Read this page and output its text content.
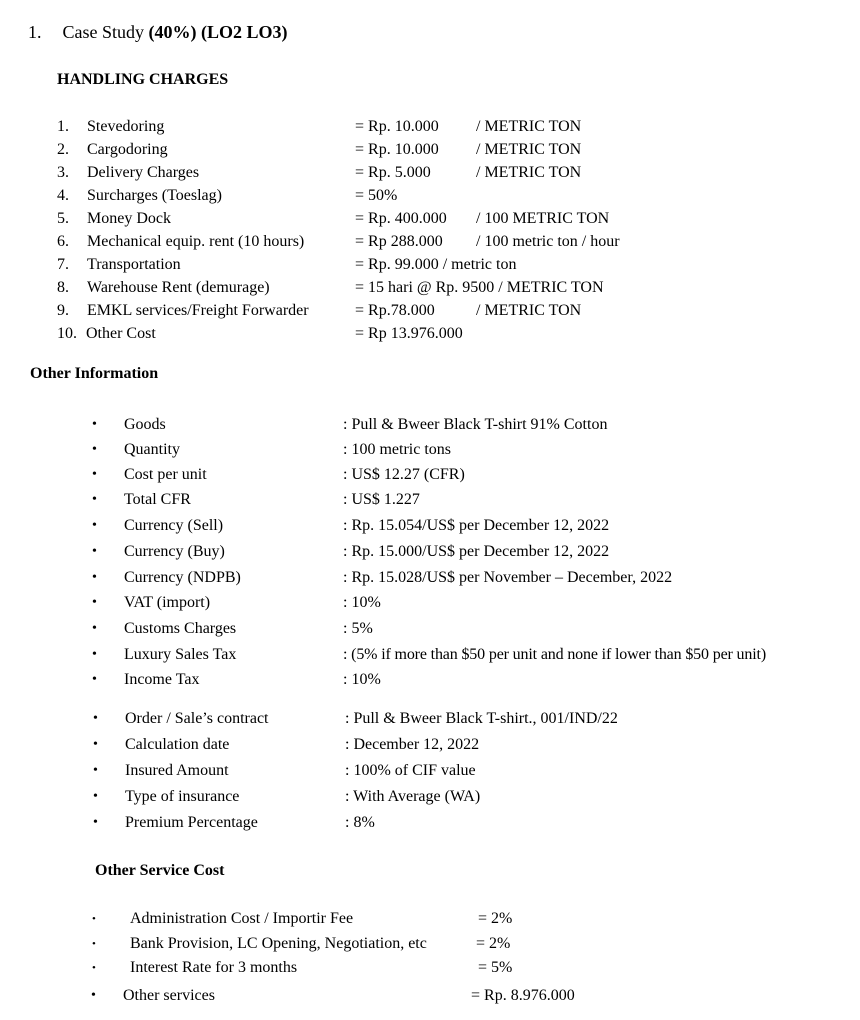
1. Case Study (40%) (LO2 LO3)
HANDLING CHARGES
1. Stevedoring	= Rp. 10.000 / METRIC TON
2. Cargodoring	= Rp. 10.000 / METRIC TON
3. Delivery Charges	= Rp. 5.000	/ METRIC TON
4. Surcharges (Toeslag)	= 50%
5. Money Dock	= Rp. 400.000 / 100 METRIC TON
6. Mechanical equip. rent (10 hours)	= Rp 288.000 / 100 metric ton / hour
7. Transportation	= Rp. 99.000 / metric ton
8. Warehouse Rent (demurage)	= 15 hari @ Rp. 9500 / METRIC TON
9. EMKL services/Freight Forwarder	= Rp.78.000	/ METRIC TON
10. Other Cost	= Rp 13.976.000
Other Information
• Goods	: Pull & Bweer Black T-shirt 91% Cotton
• Quantity	: 100 metric tons
• Cost per unit	: US$ 12.27 (CFR)
• Total CFR	: US$ 1.227
• Currency (Sell)	: Rp. 15.054/US$ per December 12, 2022
• Currency (Buy)	: Rp. 15.000/US$ per December 12, 2022
• Currency (NDPB)	: Rp. 15.028/US$ per November – December, 2022
• VAT (import)	: 10%
• Customs Charges	: 5%
• Luxury Sales Tax	: (5% if more than $50 per unit and none if lower than $50 per unit)
• Income Tax	: 10%
• Order / Sale’s contract	: Pull & Bweer Black T-shirt., 001/IND/22
• Calculation date	: December 12, 2022
• Insured Amount	: 100% of CIF value
• Type of insurance	: With Average (WA)
• Premium Percentage	: 8%
Other Service Cost
• Administration Cost / Importir Fee	= 2%
• Bank Provision, LC Opening, Negotiation, etc	= 2%
• Interest Rate for 3 months	= 5%
• Other services	= Rp. 8.976.000
